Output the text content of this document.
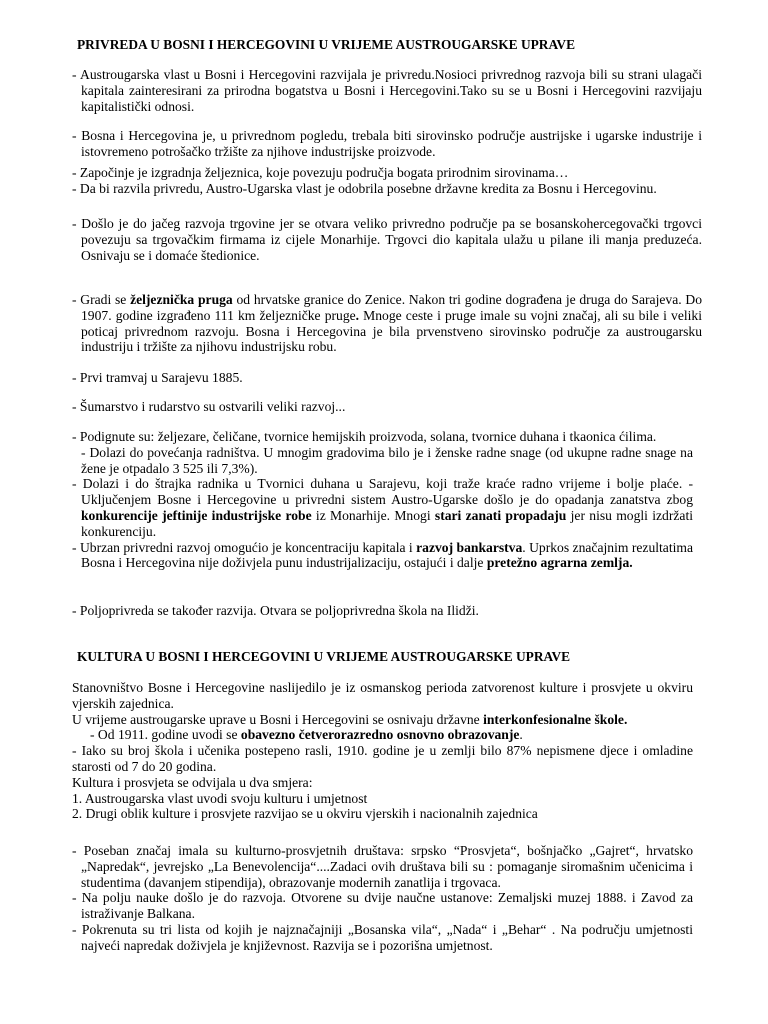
PRIVREDA U BOSNI I HERCEGOVINI U VRIJEME AUSTROUGARSKE UPRAVE

- Austrougarska vlast u Bosni i Hercegovini razvijala je privredu.Nosioci privrednog razvoja bili su strani ulagači kapitala zainteresirani za prirodna bogatstva u Bosni i Hercegovini.Tako su se u Bosni i Hercegovini razvijaju kapitalistički odnosi.

- Bosna i Hercegovina je, u privrednom pogledu, trebala biti sirovinsko područje austrijske i ugarske industrije i istovremeno potrošačko tržište za njihove industrijske proizvode.

- Započinje je izgradnja željeznica, koje povezuju područja bogata prirodnim sirovinama…

- Da bi razvila privredu, Austro-Ugarska vlast je odobrila posebne državne kredita za Bosnu i Hercegovinu.

- Došlo je do jačeg razvoja trgovine jer se otvara veliko privredno područje pa se bosanskohercegovački trgovci povezuju sa trgovačkim firmama iz cijele Monarhije. Trgovci dio kapitala ulažu u pilane ili manja preduzeća. Osnivaju se i domaće štedionice.

- Gradi se željeznička pruga od hrvatske granice do Zenice. Nakon tri godine dograđena je druga do Sarajeva. Do 1907. godine izgrađeno 111 km željezničke pruge. Mnoge ceste i pruge imale su vojni značaj, ali su bile i veliki poticaj privrednom razvoju. Bosna i Hercegovina je bila prvenstveno sirovinsko područje za austrougarsku industriju i tržište za njihovu industrijsku robu.

- Prvi tramvaj u Sarajevu 1885.

- Šumarstvo i rudarstvo su ostvarili veliki razvoj...

- Podignute su: željezare, čeličane, tvornice hemijskih proizvoda, solana, tvornice duhana i tkaonica ćilima.

- Dolazi do povećanja radništva. U mnogim gradovima bilo je i ženske radne snage (od ukupne radne snage na žene je otpadalo 3 525 ili 7,3%).

- Dolazi i do štrajka radnika u Tvornici duhana u Sarajevu, koji traže kraće radno vrijeme i bolje plaće. - Uključenjem Bosne i Hercegovine u privredni sistem Austro-Ugarske došlo je do opadanja zanatstva zbog konkurencije jeftinije industrijske robe iz Monarhije. Mnogi stari zanati propadaju jer nisu mogli izdržati konkurenciju.

- Ubrzan privredni razvoj omogućio je koncentraciju kapitala i razvoj bankarstva. Uprkos značajnim rezultatima Bosna i Hercegovina nije doživjela punu industrijalizaciju, ostajući i dalje pretežno agrarna zemlja.

- Poljoprivreda se također razvija. Otvara se poljoprivredna škola na Ilidži.

KULTURA U BOSNI I HERCEGOVINI U VRIJEME AUSTROUGARSKE UPRAVE

Stanovništvo Bosne i Hercegovine naslijedilo je iz osmanskog perioda zatvorenost kulture i prosvjete u okviru vjerskih zajednica.

U vrijeme austrougarske uprave u Bosni i Hercegovini se osnivaju državne interkonfesionalne škole.

- Od 1911. godine uvodi se obavezno četverorazredno osnovno obrazovanje.

- Iako su broj škola i učenika postepeno rasli, 1910. godine je u zemlji bilo 87% nepismene djece i omladine starosti od 7 do 20 godina.

Kultura i prosvjeta se odvijala u dva smjera:

1. Austrougarska vlast uvodi svoju kulturu i umjetnost

2. Drugi oblik kulture i prosvjete razvijao se u okviru vjerskih i nacionalnih zajednica

- Poseban značaj imala su kulturno-prosvjetnih društava: srpsko “Prosvjeta“, bošnjačko „Gajret“, hrvatsko „Napredak“, jevrejsko „La Benevolencija“....Zadaci ovih društava bili su : pomaganje siromašnim učenicima i studentima (davanjem stipendija), obrazovanje modernih zanatlija i trgovaca.

- Na polju nauke došlo je do razvoja. Otvorene su dvije naučne ustanove: Zemaljski muzej 1888. i Zavod za istraživanje Balkana.

- Pokrenuta su tri lista od kojih je najznačajniji „Bosanska vila“, „Nada“ i „Behar“ . Na području umjetnosti najveći napredak doživjela je književnost. Razvija se i pozorišna umjetnost.
